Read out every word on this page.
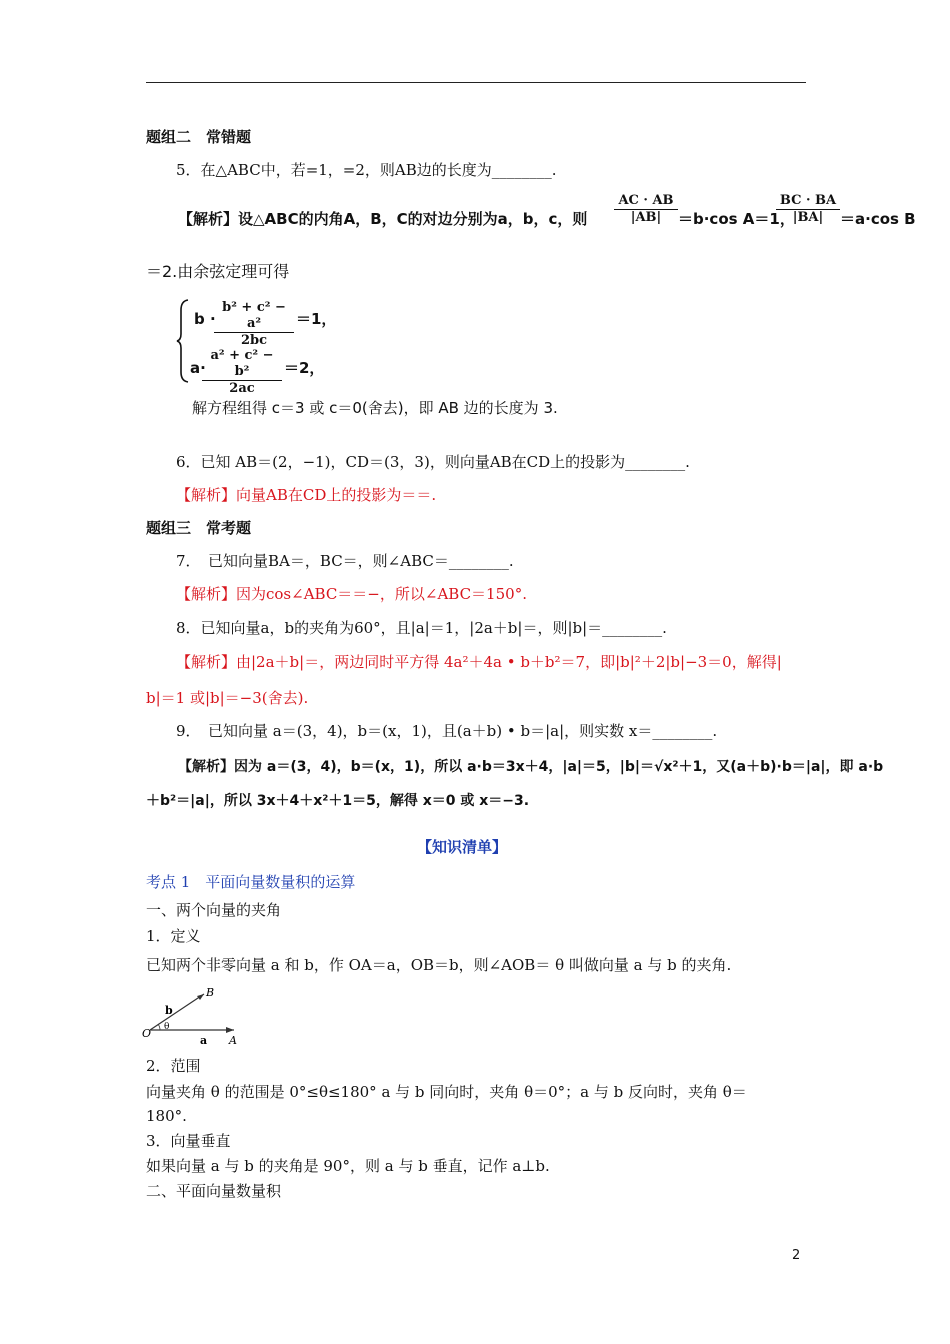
题组二　常错题
5．在△ABC中，若=1，=2，则AB边的长度为________.
【解析】设△ABC的内角A，B，C的对边分别为a，b，c，则 $\frac{AC \cdot AB}{|AB|} =b\cdot\cos$ A＝1，
$\frac{BC \cdot BA}{|BA|} =a\cdot\cos$ B
＝2.由余弦定理可得
b ·
$\frac{\text{b² + c² − a²}}{2bc} =1$，
a·
$\frac{\text{a² + c² − b²}}{2ac} =2$，
解方程组得 c＝3 或 c＝0(舍去)，即 AB 边的长度为 3.
6．已知 AB＝(2，−1)，CD＝(3，3)，则向量AB在CD上的投影为________.
【解析】向量AB在CD上的投影为＝＝.
题组三　常考题
7．　已知向量BA＝，BC＝，则∠ABC＝________.
【解析】因为cos∠ABC＝＝−，所以∠ABC＝150°.
8．已知向量a，b的夹角为60°，且|a|＝1，|2a＋b|＝，则|b|＝________.
【解析】由|2a＋b|＝，两边同时平方得 4a²＋4a • b＋b²＝7，即|b|²＋2|b|−3＝0，解得|
b|＝1 或|b|＝−3(舍去).
9．　已知向量 a＝(3，4)，b＝(x，1)，且(a＋b) • b＝|a|，则实数 x＝________.
【解析】因为 a＝(3，4)，b＝(x，1)，所以 a·b＝3x＋4，|a|＝5，|b|＝√x²＋1，又(a＋b)·b＝|a|，即 a·b
＋b²＝|a|，所以 3x＋4＋x²＋1＝5，解得 x＝0 或 x＝−3.
【知识清单】
考点 1　平面向量数量积的运算
一、两个向量的夹角
1．定义
已知两个非零向量 a 和 b，作 OA＝a，OB＝b，则∠AOB＝ θ 叫做向量 a 与 b 的夹角.
B
b
O θ
a A
2．范围
向量夹角 θ 的范围是 0°≤θ≤180° a 与 b 同向时，夹角 θ＝0°；a 与 b 反向时，夹角 θ＝
180°.
3．向量垂直
如果向量 a 与 b 的夹角是 90°，则 a 与 b 垂直，记作 a⊥b.
二、平面向量数量积
2
